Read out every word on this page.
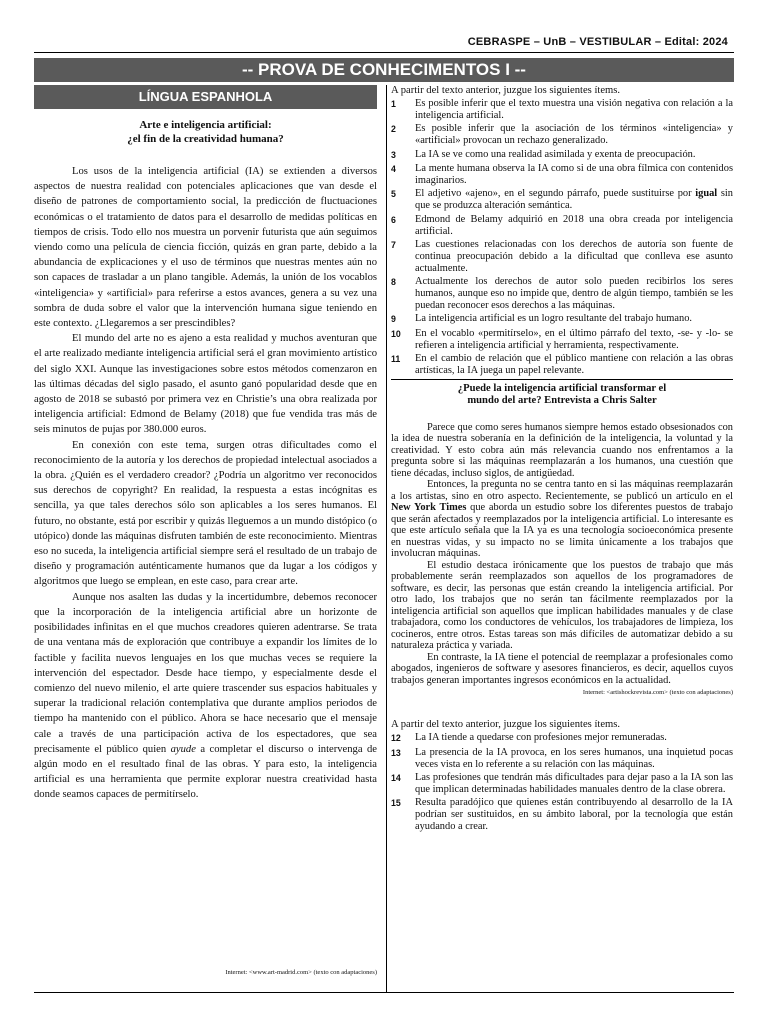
CEBRASPE – UnB – VESTIBULAR – Edital: 2024
-- PROVA DE CONHECIMENTOS I --
LÍNGUA ESPANHOLA
Arte e inteligencia artificial:
¿el fin de la creatividad humana?

Los usos de la inteligencia artificial (IA) se extienden a diversos aspectos de nuestra realidad con potenciales aplicaciones que van desde el diseño de patrones de comportamiento social, la predicción de fluctuaciones económicas o el tratamiento de datos para el desarrollo de medidas políticas en tiempos de crisis. Todo ello nos muestra un porvenir futurista que aún seguimos viendo como una película de ciencia ficción, quizás en gran parte, debido a la abundancia de explicaciones y el uso de términos que nuestras mentes aún no son capaces de trasladar a un plano tangible. Además, la unión de los vocablos «inteligencia» y «artificial» para referirse a estos avances, genera a su vez una sombra de duda sobre el valor que la intervención humana sigue teniendo en este contexto. ¿Llegaremos a ser prescindibles?

El mundo del arte no es ajeno a esta realidad y muchos aventuran que el arte realizado mediante inteligencia artificial será el gran movimiento artístico del siglo XXI. Aunque las investigaciones sobre estos métodos comenzaron en las últimas décadas del siglo pasado, el asunto ganó popularidad desde que en agosto de 2018 se subastó por primera vez en Christie’s una obra realizada por inteligencia artificial: Edmond de Belamy (2018) que fue vendida tras más de seis minutos de pujas por 380.000 euros.

En conexión con este tema, surgen otras dificultades como el reconocimiento de la autoría y los derechos de propiedad intelectual asociados a la obra. ¿Quién es el verdadero creador? ¿Podría un algoritmo ver reconocidos sus derechos de copyright? En realidad, la respuesta a estas incógnitas es sencilla, ya que tales derechos sólo son aplicables a los seres humanos. El futuro, no obstante, está por escribir y quizás lleguemos a un mundo distópico (o utópico) donde las máquinas disfruten también de este reconocimiento. Mientras eso no suceda, la inteligencia artificial siempre será el resultado de un trabajo de diseño y programación auténticamente humanos que da lugar a los códigos y algoritmos que luego se emplean, en este caso, para crear arte.

Aunque nos asalten las dudas y la incertidumbre, debemos reconocer que la incorporación de la inteligencia artificial abre un horizonte de posibilidades infinitas en el que muchos creadores quieren adentrarse. Se trata de una ventana más de exploración que contribuye a expandir los límites de lo factible y facilita nuevos lenguajes en los que muchas veces se requiere la intervención del espectador. Desde hace tiempo, y especialmente desde el comienzo del nuevo milenio, el arte quiere trascender sus espacios habituales y superar la tradicional relación contemplativa que durante amplios periodos de tiempo ha mantenido con el público. Ahora se hace necesario que el mensaje cale a través de una participación activa de los espectadores, que sea precisamente el público quien ayude a completar el discurso o intervenga de algún modo en el resultado final de las obras. Y para esto, la inteligencia artificial es una herramienta que permite explorar nuestra creatividad hasta donde seamos capaces de permitírselo.

Internet: <www.art-madrid.com> (texto con adaptaciones)
A partir del texto anterior, juzgue los siguientes ítems.
1	Es posible inferir que el texto muestra una visión negativa con relación a la inteligencia artificial.
2	Es posible inferir que la asociación de los términos «inteligencia» y «artificial» provocan un rechazo generalizado.
3	La IA se ve como una realidad asimilada y exenta de preocupación.
4	La mente humana observa la IA como si de una obra fílmica con contenidos imaginarios.
5	El adjetivo «ajeno», en el segundo párrafo, puede sustituirse por igual sin que se produzca alteración semántica.
6	Edmond de Belamy adquirió en 2018 una obra creada por inteligencia artificial.
7	Las cuestiones relacionadas con los derechos de autoría son fuente de continua preocupación debido a la dificultad que conlleva ese asunto actualmente.
8	Actualmente los derechos de autor solo pueden recibirlos los seres humanos, aunque eso no impide que, dentro de algún tiempo, también se les puedan reconocer esos derechos a las máquinas.
9	La inteligencia artificial es un logro resultante del trabajo humano.
10	En el vocablo «permitírselo», en el último párrafo del texto, -se- y -lo- se refieren a inteligencia artificial y herramienta, respectivamente.
11	En el cambio de relación que el público mantiene con relación a las obras artísticas, la IA juega un papel relevante.
¿Puede la inteligencia artificial transformar el
mundo del arte? Entrevista a Chris Salter

Parece que como seres humanos siempre hemos estado obsesionados con la idea de nuestra soberanía en la definición de la inteligencia, la voluntad y la creatividad. Y esto cobra aún más relevancia cuando nos enfrentamos a la pregunta sobre si las máquinas reemplazarán a los humanos, una cuestión que tiene décadas, incluso siglos, de antigüedad.

Entonces, la pregunta no se centra tanto en si las máquinas reemplazarán a los artistas, sino en otro aspecto. Recientemente, se publicó un artículo en el New York Times que aborda un estudio sobre los diferentes puestos de trabajo que serán afectados y reemplazados por la inteligencia artificial. Lo interesante es que este artículo señala que la IA ya es una tecnología socioeconómica presente en nuestras vidas, y su impacto no se limita únicamente a los trabajos que involucran máquinas.

El estudio destaca irónicamente que los puestos de trabajo que más probablemente serán reemplazados son aquellos de los programadores de software, es decir, las personas que están creando la inteligencia artificial. Por otro lado, los trabajos que no serán tan fácilmente reemplazados por la inteligencia artificial son aquellos que implican habilidades manuales y de clase trabajadora, como los conductores de vehículos, los trabajadores de limpieza, los cocineros, entre otros. Estas tareas son más difíciles de automatizar debido a su naturaleza práctica y variada.

En contraste, la IA tiene el potencial de reemplazar a profesionales como abogados, ingenieros de software y asesores financieros, es decir, aquellos cuyos trabajos generan importantes ingresos económicos en la actualidad.

Internet: <artishockrevista.com> (texto con adaptaciones)
A partir del texto anterior, juzgue los siguientes ítems.
12	La IA tiende a quedarse con profesiones mejor remuneradas.
13	La presencia de la IA provoca, en los seres humanos, una inquietud pocas veces vista en lo referente a su relación con las máquinas.
14	Las profesiones que tendrán más dificultades para dejar paso a la IA son las que implican determinadas habilidades manuales dentro de la clase obrera.
15	Resulta paradójico que quienes están contribuyendo al desarrollo de la IA podrían ser sustituidos, en su ámbito laboral, por la tecnología que están ayudando a crear.
